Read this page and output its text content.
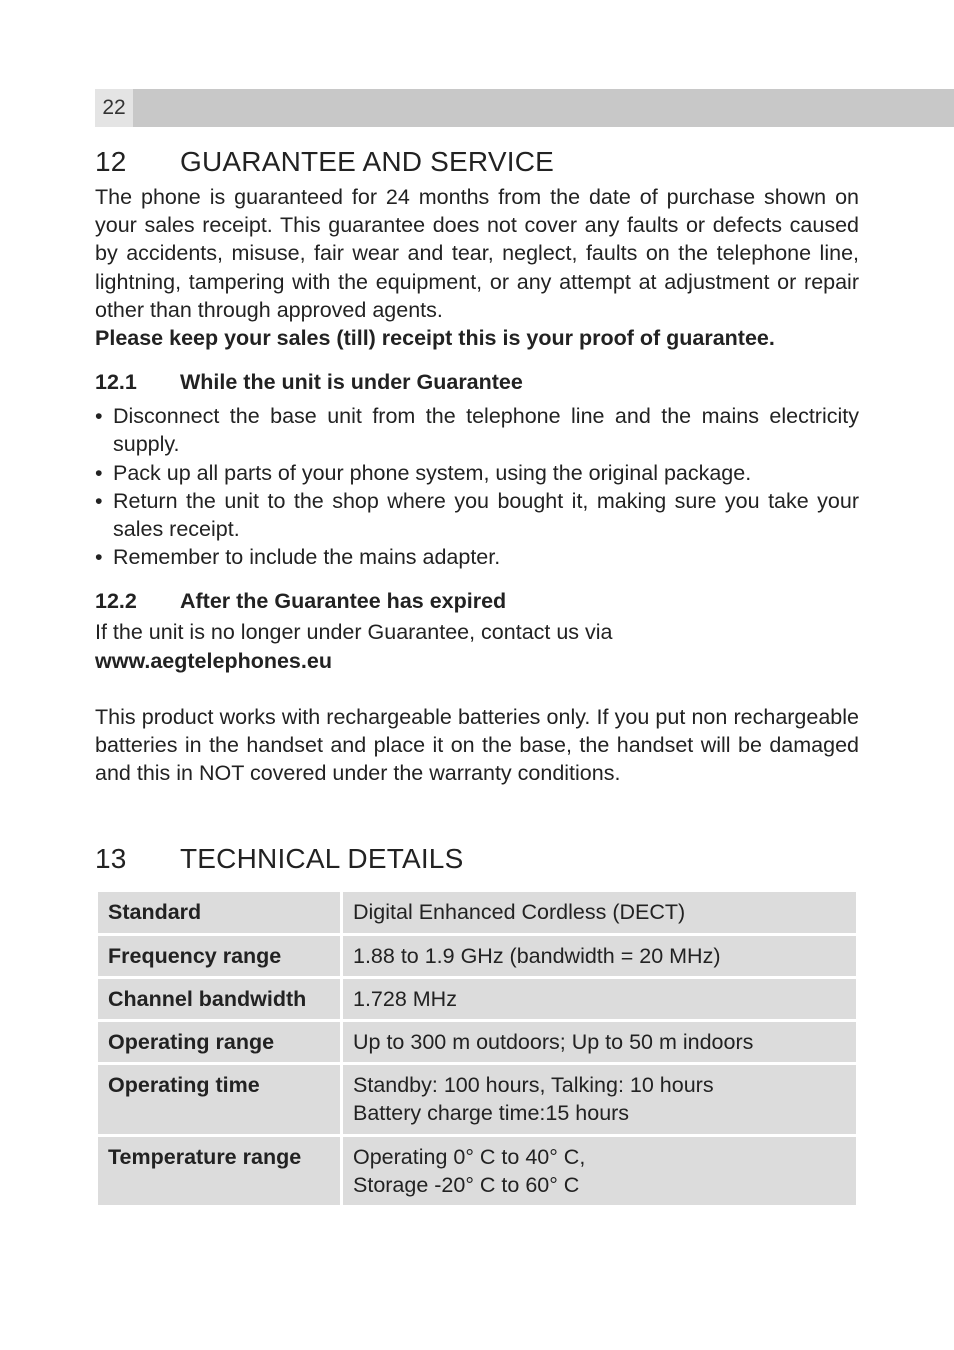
22
12	GUARANTEE AND SERVICE

The phone is guaranteed for 24 months from the date of purchase shown on your sales receipt. This guarantee does not cover any faults or defects caused by accidents, misuse, fair wear and tear, neglect, faults on the telephone line, lightning, tampering with the equipment, or any attempt at adjustment or repair other than through approved agents.

Please keep your sales (till) receipt this is your proof of guarantee.

12.1	While the unit is under Guarantee
• Disconnect the base unit from the telephone line and the mains electricity supply.
• Pack up all parts of your phone system, using the original package.
• Return the unit to the shop where you bought it, making sure you take your sales receipt.
• Remember to include the mains adapter.
12.2	After the Guarantee has expired

If the unit is no longer under Guarantee, contact us via

www.aegtelephones.eu

This product works with rechargeable batteries only. If you put non rechargeable batteries in the handset and place it on the base, the handset will be damaged and this in NOT covered under the warranty conditions.

13	TECHNICAL DETAILS
Standard	Digital Enhanced Cordless (DECT)
Frequency range	1.88 to 1.9 GHz (bandwidth = 20 MHz)
Channel bandwidth	1.728 MHz
Operating range	Up to 300 m outdoors; Up to 50 m indoors
Operating time	Standby: 100 hours, Talking: 10 hours
Battery charge time:15 hours
Temperature range	Operating 0° C to 40° C,
Storage -20° C to 60° C
